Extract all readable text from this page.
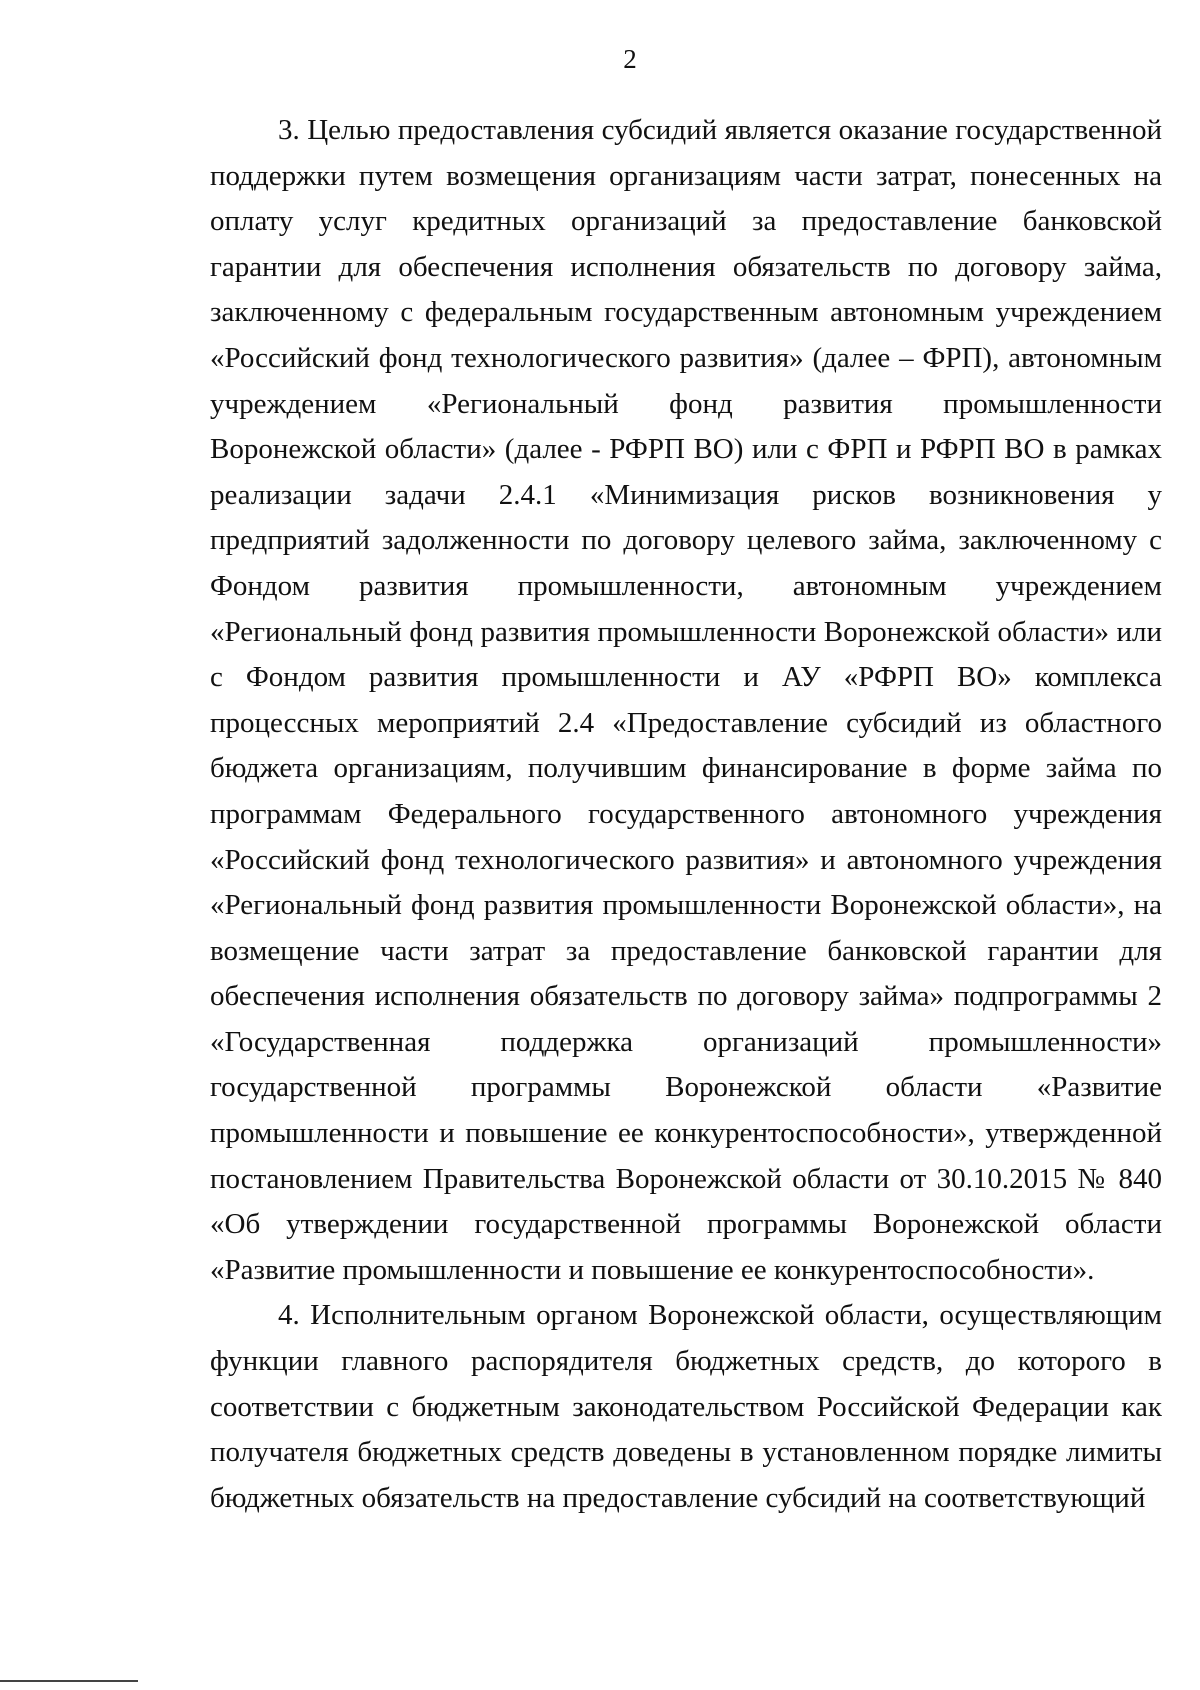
2

3. Целью предоставления субсидий является оказание государственной поддержки путем возмещения организациям части затрат, понесенных на оплату услуг кредитных организаций за предоставление банковской гарантии для обеспечения исполнения обязательств по договору займа, заключенному с федеральным государственным автономным учреждением «Российский фонд технологического развития» (далее – ФРП), автономным учреждением «Региональный фонд развития промышленности Воронежской области» (далее - РФРП ВО) или с ФРП и РФРП ВО в рамках реализации задачи 2.4.1 «Минимизация рисков возникновения у предприятий задолженности по договору целевого займа, заключенному с Фондом развития промышленности, автономным учреждением «Региональный фонд развития промышленности Воронежской области» или с Фондом развития промышленности и АУ «РФРП ВО» комплекса процессных мероприятий 2.4 «Предоставление субсидий из областного бюджета организациям, получившим финансирование в форме займа по программам Федерального государственного автономного учреждения «Российский фонд технологического развития» и автономного учреждения «Региональный фонд развития промышленности Воронежской области», на возмещение части затрат за предоставление банковской гарантии для обеспечения исполнения обязательств по договору займа» подпрограммы 2 «Государственная поддержка организаций промышленности» государственной программы Воронежской области «Развитие промышленности и повышение ее конкурентоспособности», утвержденной постановлением Правительства Воронежской области от 30.10.2015 № 840 «Об утверждении государственной программы Воронежской области «Развитие промышленности и повышение ее конкурентоспособности».

4. Исполнительным органом Воронежской области, осуществляющим функции главного распорядителя бюджетных средств, до которого в соответствии с бюджетным законодательством Российской Федерации как получателя бюджетных средств доведены в установленном порядке лимиты бюджетных обязательств на предоставление субсидий на соответствующий
